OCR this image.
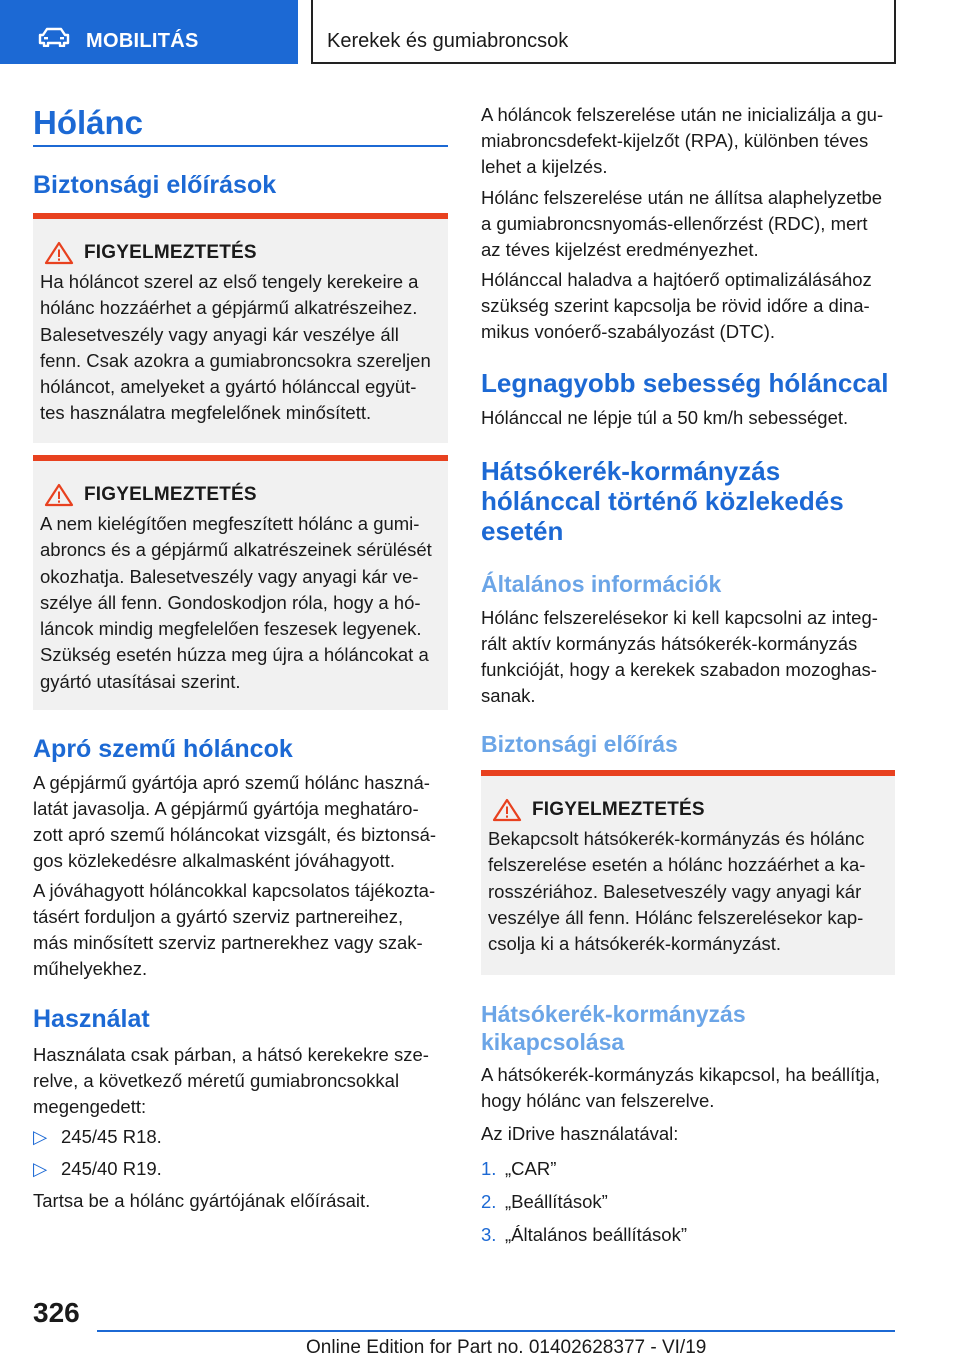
MOBILITÁS	Kerekek és gumiabroncsok
Hólánc
Biztonsági előírások
FIGYELMEZTETÉS

Ha hóláncot szerel az első tengely kerekeire a

hólánc hozzáérhet a gépjármű alkatrészeihez.

Balesetveszély vagy anyagi kár veszélye áll

fenn. Csak azokra a gumiabroncsokra szereljen

hóláncot, amelyeket a gyártó hólánccal együt-

tes használatra megfelelőnek minősített.

FIGYELMEZTETÉS

A nem kielégítően megfeszített hólánc a gumi-

abroncs és a gépjármű alkatrészeinek sérülését

okozhatja. Balesetveszély vagy anyagi kár ve-

szélye áll fenn. Gondoskodjon róla, hogy a hó-

láncok mindig megfelelően feszesek legyenek.

Szükség esetén húzza meg újra a hóláncokat a

gyártó utasításai szerint.

Apró szemű hóláncok

A gépjármű gyártója apró szemű hólánc haszná-

latát javasolja. A gépjármű gyártója meghatáro-

zott apró szemű hóláncokat vizsgált, és biztonsá-

gos közlekedésre alkalmasként jóváhagyott.

A jóváhagyott hóláncokkal kapcsolatos tájékozta-

tásért forduljon a gyártó szerviz partnereihez,

más minősített szerviz partnerekhez vagy szak-

műhelyekhez.

Használat

Használata csak párban, a hátsó kerekekre sze-

relve, a következő méretű gumiabroncsokkal

megengedett:

▷ 245/45 R18.
▷ 245/40 R19.

Tartsa be a hólánc gyártójának előírásait.

A hóláncok felszerelése után ne inicializálja a gu-

miabroncsdefekt-kijelzőt (RPA), különben téves

lehet a kijelzés.

Hólánc felszerelése után ne állítsa alaphelyzetbe

a gumiabroncsnyomás-ellenőrzést (RDC), mert

az téves kijelzést eredményezhet.

Hólánccal haladva a hajtóerő optimalizálásához

szükség szerint kapcsolja be rövid időre a dina-

mikus vonóerő-szabályozást (DTC).

Legnagyobb sebesség hólánccal

Hólánccal ne lépje túl a 50 km/h sebességet.

Hátsókerék-kormányzás
hólánccal történő közlekedés
esetén
Általános információk

Hólánc felszerelésekor ki kell kapcsolni az integ-

rált aktív kormányzás hátsókerék-kormányzás

funkcióját, hogy a kerekek szabadon mozoghas-

sanak.

Biztonsági előírás
FIGYELMEZTETÉS

Bekapcsolt hátsókerék-kormányzás és hólánc

felszerelése esetén a hólánc hozzáérhet a ka-

rosszériához. Balesetveszély vagy anyagi kár

veszélye áll fenn. Hólánc felszerelésekor kap-

csolja ki a hátsókerék-kormányzást.

Hátsókerék-kormányzás
kikapcsolása

A hátsókerék-kormányzás kikapcsol, ha beállítja,

hogy hólánc van felszerelve.

Az iDrive használatával:

1. „CAR”
2. „Beállítások”
3. „Általános beállítások”
326
Online Edition for Part no. 01402628377 - VI/19
